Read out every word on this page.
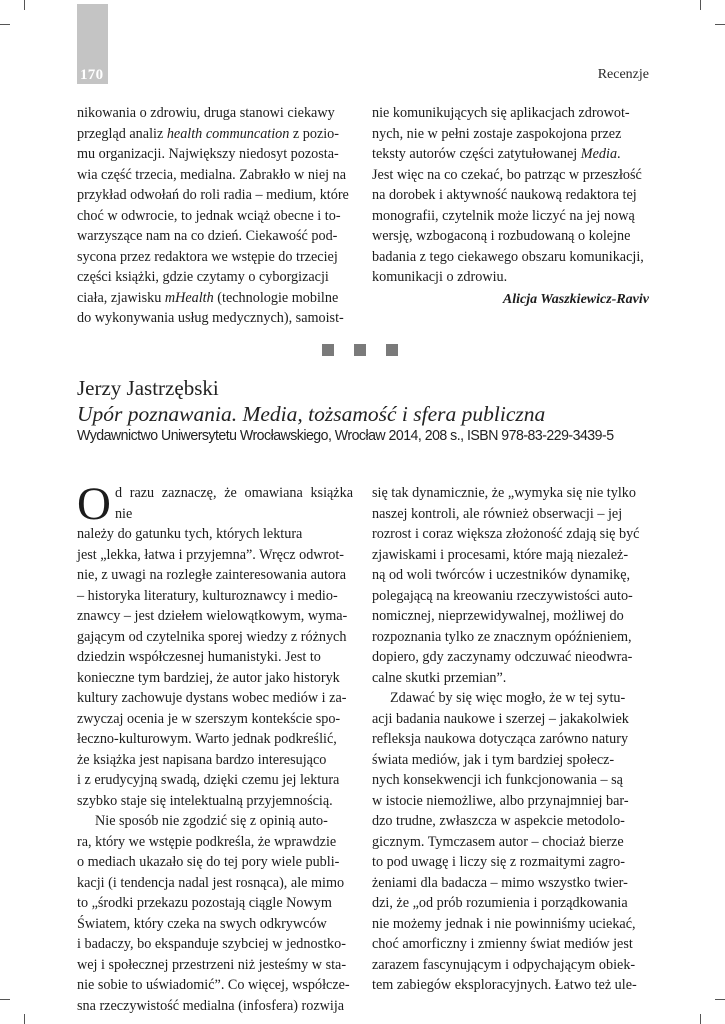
170	Recenzje

nikowania o zdrowiu, druga stanowi ciekawy
przegląd analiz health communcation z pozio-
mu organizacji. Największy niedosyt pozosta-
wia część trzecia, medialna. Zabrakło w niej na
przykład odwołań do roli radia – medium, które
choć w odwrocie, to jednak wciąż obecne i to-
warzyszące nam na co dzień. Ciekawość pod-
sycona przez redaktora we wstępie do trzeciej
części książki, gdzie czytamy o cyborgizacji
ciała, zjawisku mHealth (technologie mobilne
do wykonywania usług medycznych), samoist-

nie komunikujących się aplikacjach zdrowot-
nych, nie w pełni zostaje zaspokojona przez
teksty autorów części zatytułowanej Media.
Jest więc na co czekać, bo patrząc w przeszłość
na dorobek i aktywność naukową redaktora tej
monografii, czytelnik może liczyć na jej nową
wersję, wzbogaconą i rozbudowaną o kolejne
badania z tego ciekawego obszaru komunikacji,
komunikacji o zdrowiu.

Alicja Waszkiewicz-Raviv
Jerzy Jastrzębski
Upór poznawania. Media, tożsamość i sfera publiczna
Wydawnictwo Uniwersytetu Wrocławskiego, Wrocław 2014, 208 s., ISBN 978-83-229-3439-5

Od razu zaznaczę, że omawiana książka nie
należy do gatunku tych, których lektura
jest „lekka, łatwa i przyjemna”. Wręcz odwrot-
nie, z uwagi na rozległe zainteresowania autora
– historyka literatury, kulturoznawcy i medio-
znawcy – jest dziełem wielowątkowym, wyma-
gającym od czytelnika sporej wiedzy z różnych
dziedzin współczesnej humanistyki. Jest to
konieczne tym bardziej, że autor jako historyk
kultury zachowuje dystans wobec mediów i za-
zwyczaj ocenia je w szerszym kontekście spo-
łeczno-kulturowym. Warto jednak podkreślić,
że książka jest napisana bardzo interesująco
i z erudycyjną swadą, dzięki czemu jej lektura
szybko staje się intelektualną przyjemnością.

Nie sposób nie zgodzić się z opinią auto-
ra, który we wstępie podkreśla, że wprawdzie
o mediach ukazało się do tej pory wiele publi-
kacji (i tendencja nadal jest rosnąca), ale mimo
to „środki przekazu pozostają ciągle Nowym
Światem, który czeka na swych odkrywców
i badaczy, bo ekspanduje szybciej w jednostko-
wej i społecznej przestrzeni niż jesteśmy w sta-
nie sobie to uświadomić”. Co więcej, współcze-
sna rzeczywistość medialna (infosfera) rozwija

się tak dynamicznie, że „wymyka się nie tylko
naszej kontroli, ale również obserwacji – jej
rozrost i coraz większa złożoność zdają się być
zjawiskami i procesami, które mają niezależ-
ną od woli twórców i uczestników dynamikę,
polegającą na kreowaniu rzeczywistości auto-
nomicznej, nieprzewidywalnej, możliwej do
rozpoznania tylko ze znacznym opóźnieniem,
dopiero, gdy zaczynamy odczuwać nieodwra-
calne skutki przemian”.

Zdawać by się więc mogło, że w tej sytu-
acji badania naukowe i szerzej – jakakolwiek
refleksja naukowa dotycząca zarówno natury
świata mediów, jak i tym bardziej społecz-
nych konsekwencji ich funkcjonowania – są
w istocie niemożliwe, albo przynajmniej bar-
dzo trudne, zwłaszcza w aspekcie metodolo-
gicznym. Tymczasem autor – chociaż bierze
to pod uwagę i liczy się z rozmaitymi zagro-
żeniami dla badacza – mimo wszystko twier-
dzi, że „od prób rozumienia i porządkowania
nie możemy jednak i nie powinniśmy uciekać,
choć amorficzny i zmienny świat mediów jest
zarazem fascynującym i odpychającym obiek-
tem zabiegów eksploracyjnych. Łatwo też ule-
